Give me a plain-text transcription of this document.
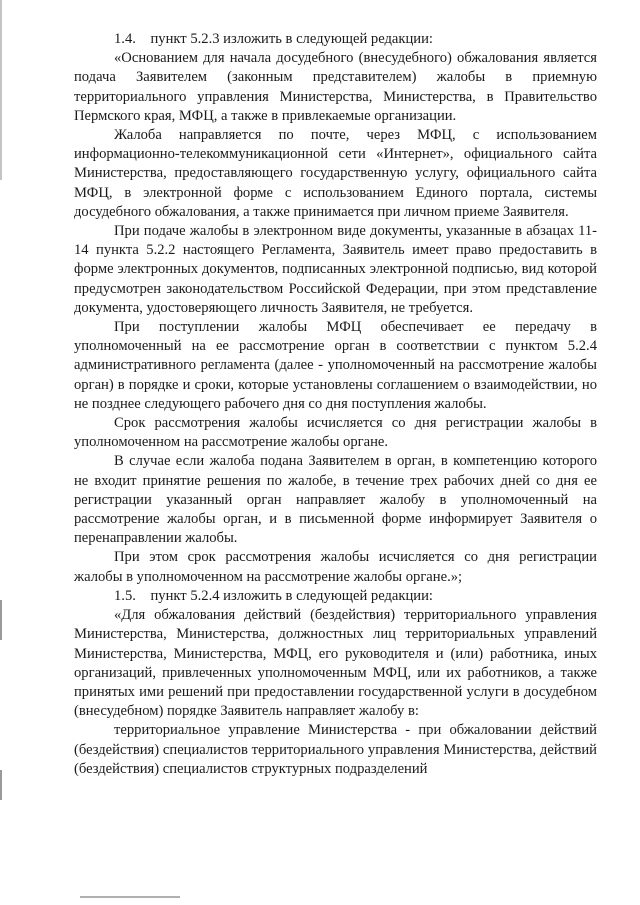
1.4.    пункт 5.2.3 изложить в следующей редакции:

«Основанием для начала досудебного (внесудебного) обжалования является подача Заявителем (законным представителем) жалобы в приемную территориального управления Министерства, Министерства, в Правительство Пермского края, МФЦ, а также в привлекаемые организации.

Жалоба направляется по почте, через МФЦ, с использованием информационно-телекоммуникационной сети «Интернет», официального сайта Министерства, предоставляющего государственную услугу, официального сайта МФЦ, в электронной форме с использованием Единого портала, системы досудебного обжалования, а также принимается при личном приеме Заявителя.

При подаче жалобы в электронном виде документы, указанные в абзацах 11-14 пункта 5.2.2 настоящего Регламента, Заявитель имеет право предоставить в форме электронных документов, подписанных электронной подписью, вид которой предусмотрен законодательством Российской Федерации, при этом представление документа, удостоверяющего личность Заявителя, не требуется.

При поступлении жалобы МФЦ обеспечивает ее передачу в уполномоченный на ее рассмотрение орган в соответствии с пунктом 5.2.4 административного регламента (далее - уполномоченный на рассмотрение жалобы орган) в порядке и сроки, которые установлены соглашением о взаимодействии, но не позднее следующего рабочего дня со дня поступления жалобы.

Срок рассмотрения жалобы исчисляется со дня регистрации жалобы в уполномоченном на рассмотрение жалобы органе.

В случае если жалоба подана Заявителем в орган, в компетенцию которого не входит принятие решения по жалобе, в течение трех рабочих дней со дня ее регистрации указанный орган направляет жалобу в уполномоченный на рассмотрение жалобы орган, и в письменной форме информирует Заявителя о перенаправлении жалобы.

При этом срок рассмотрения жалобы исчисляется со дня регистрации жалобы в уполномоченном на рассмотрение жалобы органе.»;

1.5.    пункт 5.2.4 изложить в следующей редакции:

«Для обжалования действий (бездействия) территориального управления Министерства, Министерства, должностных лиц территориальных управлений Министерства, Министерства, МФЦ, его руководителя и (или) работника, иных организаций, привлеченных уполномоченным МФЦ, или их работников, а также принятых ими решений при предоставлении государственной услуги в досудебном (внесудебном) порядке Заявитель направляет жалобу в:

территориальное управление Министерства - при обжаловании действий (бездействия) специалистов территориального управления Министерства, действий (бездействия) специалистов структурных подразделений
